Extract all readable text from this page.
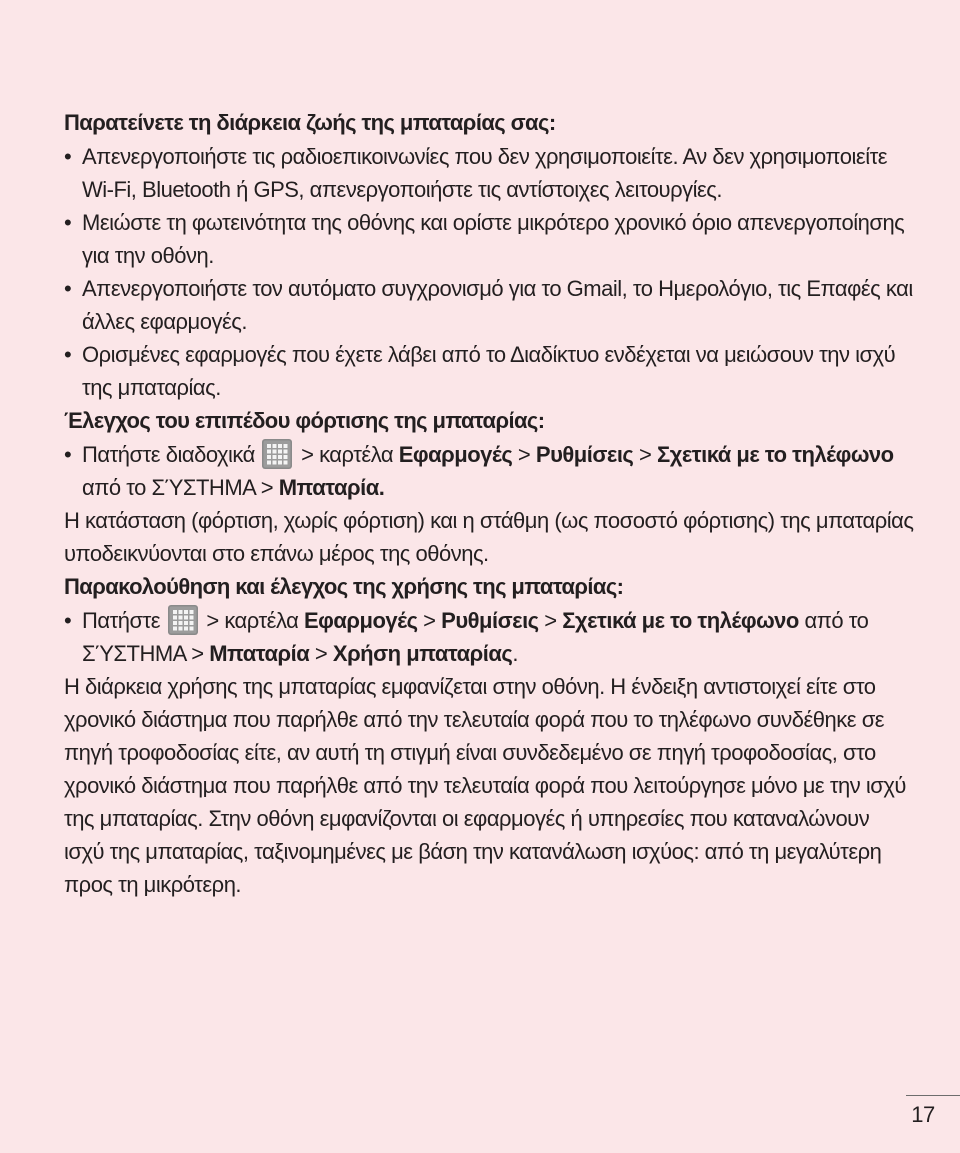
Παρατείνετε τη διάρκεια ζωής της μπαταρίας σας:
• Απενεργοποιήστε τις ραδιοεπικοινωνίες που δεν χρησιμοποιείτε. Αν δεν χρησιμοποιείτε Wi-Fi, Bluetooth ή GPS, απενεργοποιήστε τις αντίστοιχες λειτουργίες.
• Μειώστε τη φωτεινότητα της οθόνης και ορίστε μικρότερο χρονικό όριο απενεργοποίησης για την οθόνη.
• Απενεργοποιήστε τον αυτόματο συγχρονισμό για το Gmail, το Ημερολόγιο, τις Επαφές και άλλες εφαρμογές.
• Ορισμένες εφαρμογές που έχετε λάβει από το Διαδίκτυο ενδέχεται να μειώσουν την ισχύ της μπαταρίας.
Έλεγχος του επιπέδου φόρτισης της μπαταρίας:
• Πατήστε διαδοχικά > καρτέλα Εφαρμογές > Ρυθμίσεις > Σχετικά με το τηλέφωνο από το ΣΎΣΤΗΜΑ > Μπαταρία.
Η κατάσταση (φόρτιση, χωρίς φόρτιση) και η στάθμη (ως ποσοστό φόρτισης) της μπαταρίας υποδεικνύονται στο επάνω μέρος της οθόνης.
Παρακολούθηση και έλεγχος της χρήσης της μπαταρίας:
• Πατήστε > καρτέλα Εφαρμογές > Ρυθμίσεις > Σχετικά με το τηλέφωνο από το ΣΎΣΤΗΜΑ > Μπαταρία > Χρήση μπαταρίας.
Η διάρκεια χρήσης της μπαταρίας εμφανίζεται στην οθόνη. Η ένδειξη αντιστοιχεί είτε στο χρονικό διάστημα που παρήλθε από την τελευταία φορά που το τηλέφωνο συνδέθηκε σε πηγή τροφοδοσίας είτε, αν αυτή τη στιγμή είναι συνδεδεμένο σε πηγή τροφοδοσίας, στο χρονικό διάστημα που παρήλθε από την τελευταία φορά που λειτούργησε μόνο με την ισχύ της μπαταρίας. Στην οθόνη εμφανίζονται οι εφαρμογές ή υπηρεσίες που καταναλώνουν ισχύ της μπαταρίας, ταξινομημένες με βάση την κατανάλωση ισχύος: από τη μεγαλύτερη προς τη μικρότερη.
17
